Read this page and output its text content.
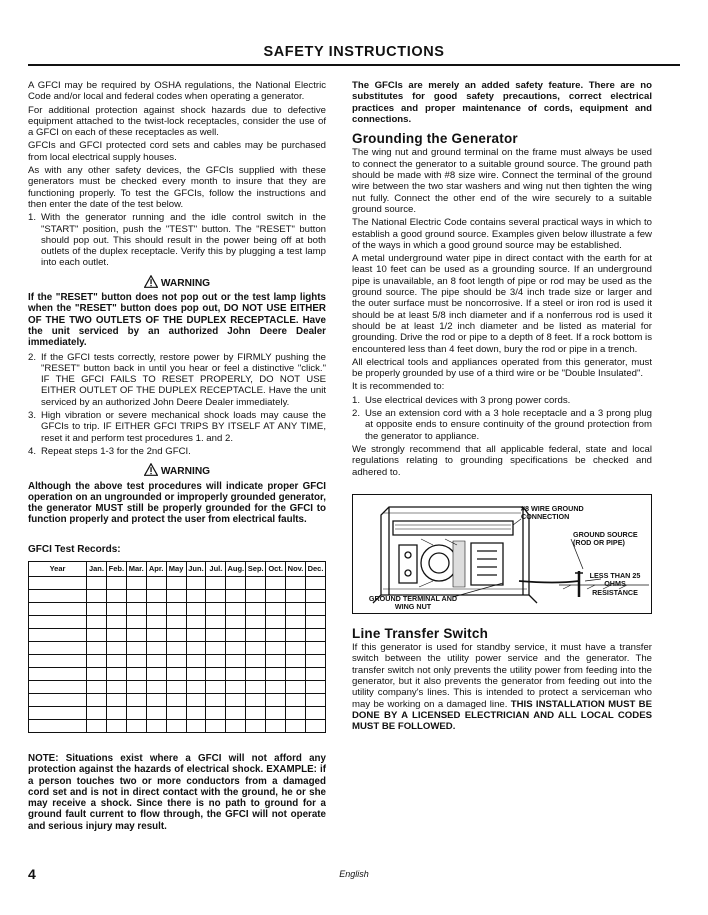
SAFETY INSTRUCTIONS

A GFCI may be required by OSHA regulations, the National Electric Code and/or local and federal codes when operating a generator.

For additional protection against shock hazards due to defective equipment attached to the twist-lock receptacles, consider the use of a GFCI on each of these receptacles as well.

GFCIs and GFCI protected cord sets and cables may be purchased from local electrical supply houses.

As with any other safety devices, the GFCIs supplied with these generators must be checked every month to insure that they are functioning properly. To test the GFCIs, follow the instructions and then enter the date of the test below.

1. With the generator running and the idle control switch in the "START" position, push the "TEST" button. The "RESET" button should pop out. This should result in the power being off at both outlets of the duplex receptacle. Verify this by plugging a test lamp into each outlet.
WARNING
If the "RESET" button does not pop out or the test lamp lights when the "RESET" button does pop out, DO NOT USE EITHER OF THE TWO OUTLETS OF THE DUPLEX RECEPTACLE. Have the unit serviced by an authorized John Deere Dealer immediately.
2. If the GFCI tests correctly, restore power by FIRMLY pushing the "RESET" button back in until you hear or feel a distinctive "click." IF THE GFCI FAILS TO RESET PROPERLY, DO NOT USE EITHER OUTLET OF THE DUPLEX RECEPTACLE. Have the unit serviced by an authorized John Deere Dealer immediately.
3. High vibration or severe mechanical shock loads may cause the GFCIs to trip. IF EITHER GFCI TRIPS BY ITSELF AT ANY TIME, reset it and perform test procedures 1. and 2.
4. Repeat steps 1-3 for the 2nd GFCI.
WARNING
Although the above test procedures will indicate proper GFCI operation on an ungrounded or improperly grounded generator, the generator MUST still be properly grounded for the GFCI to function properly and protect the user from electrical faults.
GFCI Test Records:
Year	Jan.	Feb.	Mar.	Apr.	May	Jun.	Jul.	Aug.	Sep.	Oct.	Nov.	Dec.

NOTE: Situations exist where a GFCI will not afford any protection against the hazards of electrical shock. EXAMPLE: if a person touches two or more conductors from a damaged cord set and is not in direct contact with the ground, he or she may receive a shock. Since there is no path to ground for a ground fault current to flow through, the GFCI will not operate and serious injury may result.

The GFCIs are merely an added safety feature. There are no substitutes for good safety precautions, correct electrical practices and proper maintenance of cords, equipment and connections.

Grounding the Generator

The wing nut and ground terminal on the frame must always be used to connect the generator to a suitable ground source. The ground path should be made with #8 size wire. Connect the terminal of the ground wire between the two star washers and wing nut then tighten the wing nut fully. Connect the other end of the wire securely to a suitable ground source.

The National Electric Code contains several practical ways in which to establish a good ground source. Examples given below illustrate a few of the ways in which a good ground source may be established.

A metal underground water pipe in direct contact with the earth for at least 10 feet can be used as a grounding source. If an underground pipe is unavailable, an 8 foot length of pipe or rod may be used as the ground source. The pipe should be 3/4 inch trade size or larger and the outer surface must be noncorrosive. If a steel or iron rod is used it should be at least 5/8 inch diameter and if a nonferrous rod is used it should be at least 1/2 inch diameter and be listed as material for grounding. Drive the rod or pipe to a depth of 8 feet. If a rock bottom is encountered less than 4 feet down, bury the rod or pipe in a trench.

All electrical tools and appliances operated from this generator, must be properly grounded by use of a third wire or be "Double Insulated".

It is recommended to:

1. Use electrical devices with 3 prong power cords.
2. Use an extension cord with a 3 hole receptacle and a 3 prong plug at opposite ends to ensure continuity of the ground protection from the generator to appliance.

We strongly recommend that all applicable federal, state and local regulations relating to grounding specifications be checked and adhered to.

#8 WIRE GROUND CONNECTION
GROUND SOURCE (ROD OR PIPE)
LESS THAN 25 OHMS RESISTANCE
GROUND TERMINAL AND WING NUT
Line Transfer Switch

If this generator is used for standby service, it must have a transfer switch between the utility power service and the generator. The transfer switch not only prevents the utility power from feeding into the generator, but it also prevents the generator from feeding out into the utility company's lines. This is intended to protect a serviceman who may be working on a damaged line. THIS INSTALLATION MUST BE DONE BY A LICENSED ELECTRICIAN AND ALL LOCAL CODES MUST BE FOLLOWED.

4	English
